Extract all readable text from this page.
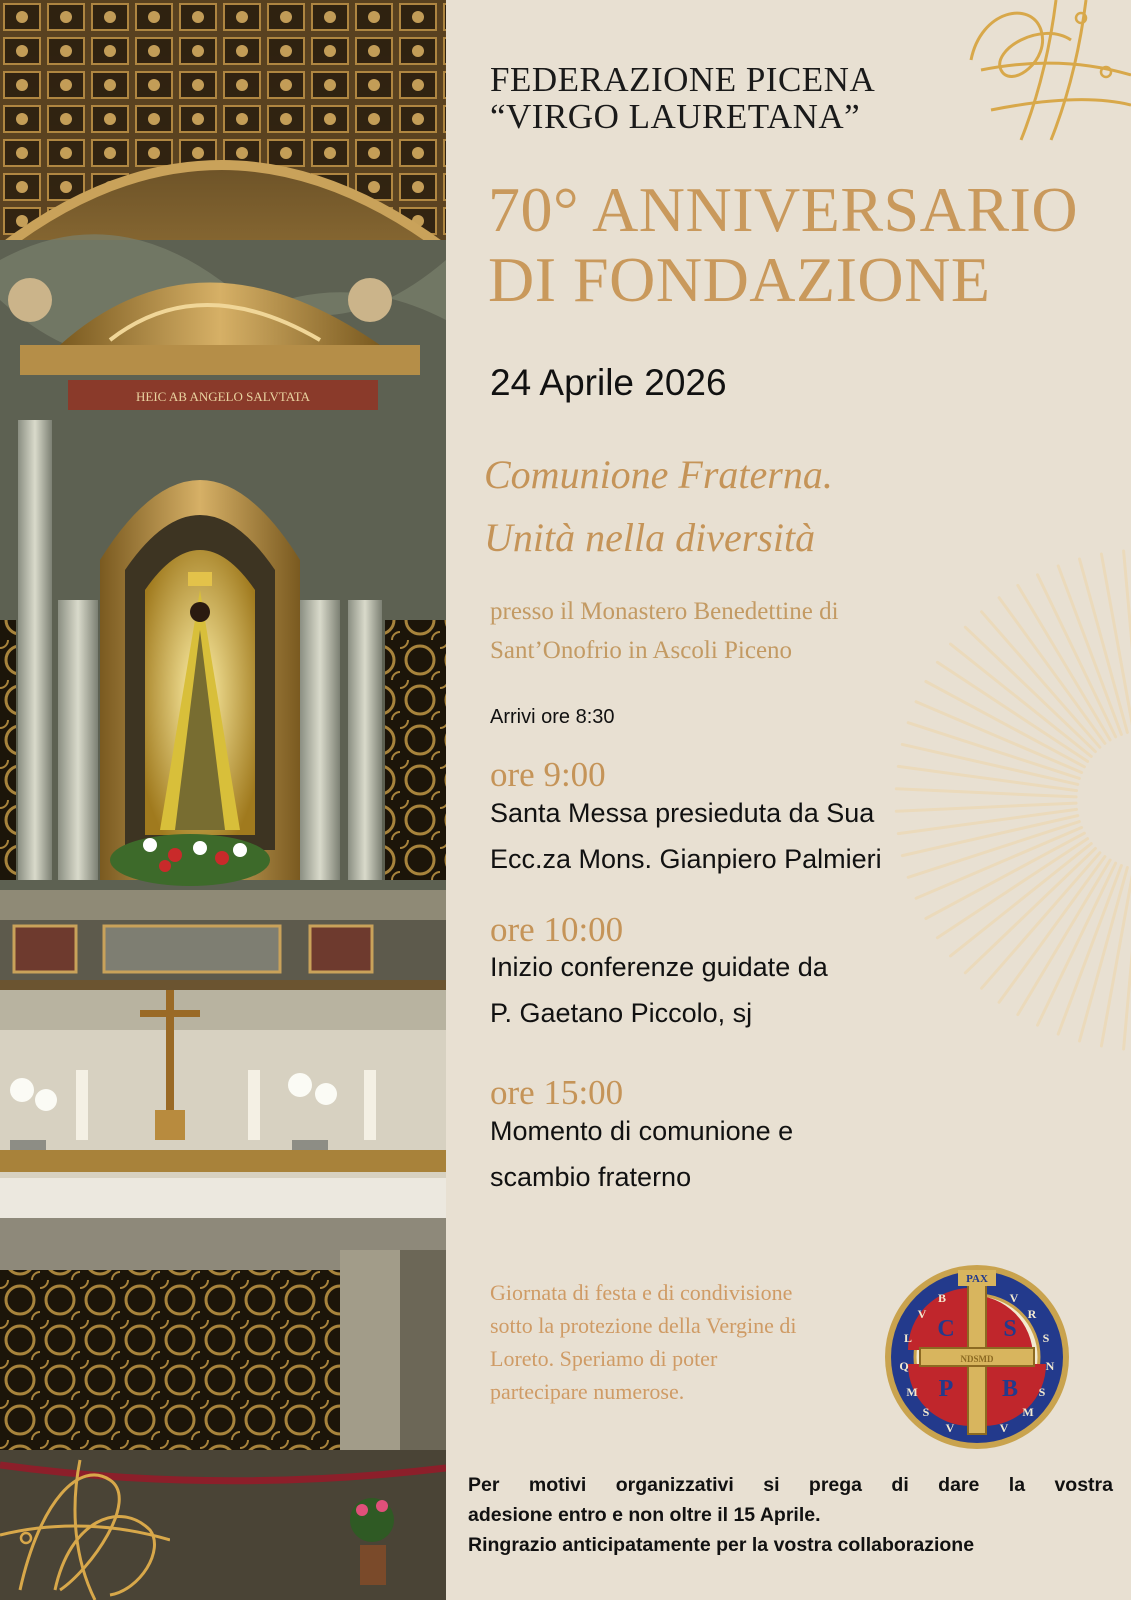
HEIC AB ANGELO SALVTATA

FEDERAZIONE PICENA

“VIRGO LAURETANA”

70° ANNIVERSARIO

DI FONDAZIONE

24 Aprile 2026

Comunione Fraterna.

Unità nella diversità

presso il Monastero Benedettine di

Sant’Onofrio in Ascoli Piceno

Arrivi ore 8:30

ore 9:00

Santa Messa presieduta da Sua
Ecc.za Mons. Gianpiero Palmieri

ore 10:00

Inizio conferenze guidate da
P. Gaetano Piccolo, sj

ore 15:00

Momento di comunione e
scambio fraterno
Giornata di festa e di condivisione
sotto la protezione della Vergine di
Loreto. Speriamo di poter
partecipare numerose.
PAX
C S
P B
NDSMD
V
B	V
R
S
N
S
M
V
V
S
M
Q
L
Per motivi organizzativi si prega di dare la vostra
adesione entro e non oltre il 15 Aprile.
Ringrazio anticipatamente per la vostra collaborazione
